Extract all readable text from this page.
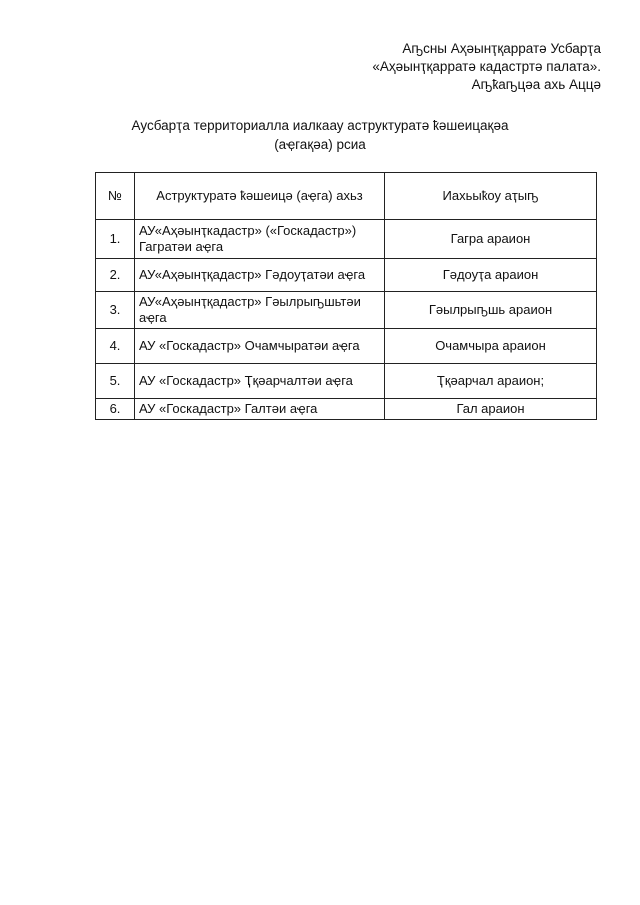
Аҧсны Аҳәынҭқарратә Усбарҭа
«Аҳәынҭқарратә кадастртә палата».
Аҧҟаҧцәа ахь Аццә
Аусбарҭа территориалла иалкаау аструктуратә ҟәшеицақәа
(аҿгақәа) рсиа
№	Аструктуратә ҟәшеицә (аҿга) ахьз	Иахьыҟоу аҭыҧ
1.	АУ«Аҳәынҭкадастр» («Госкадастр») Гагратәи аҿга	Гагра араион
2.	АУ«Аҳәынҭқадастр» Гәдоуҭатәи аҿга	Гәдоуҭа араион
3.	АУ«Аҳәынҭқадастр» Гәылрыҧшьтәи аҿга	Гәылрыҧшь араион
4.	АУ «Госкадастр» Очамчыратәи аҿга	Очамчыра араион
5.	АУ «Госкадастр» Ҭқәарчалтәи аҿга	Ҭқәарчал араион;
6.	АУ «Госкадастр» Галтәи аҿга	Гал араион
